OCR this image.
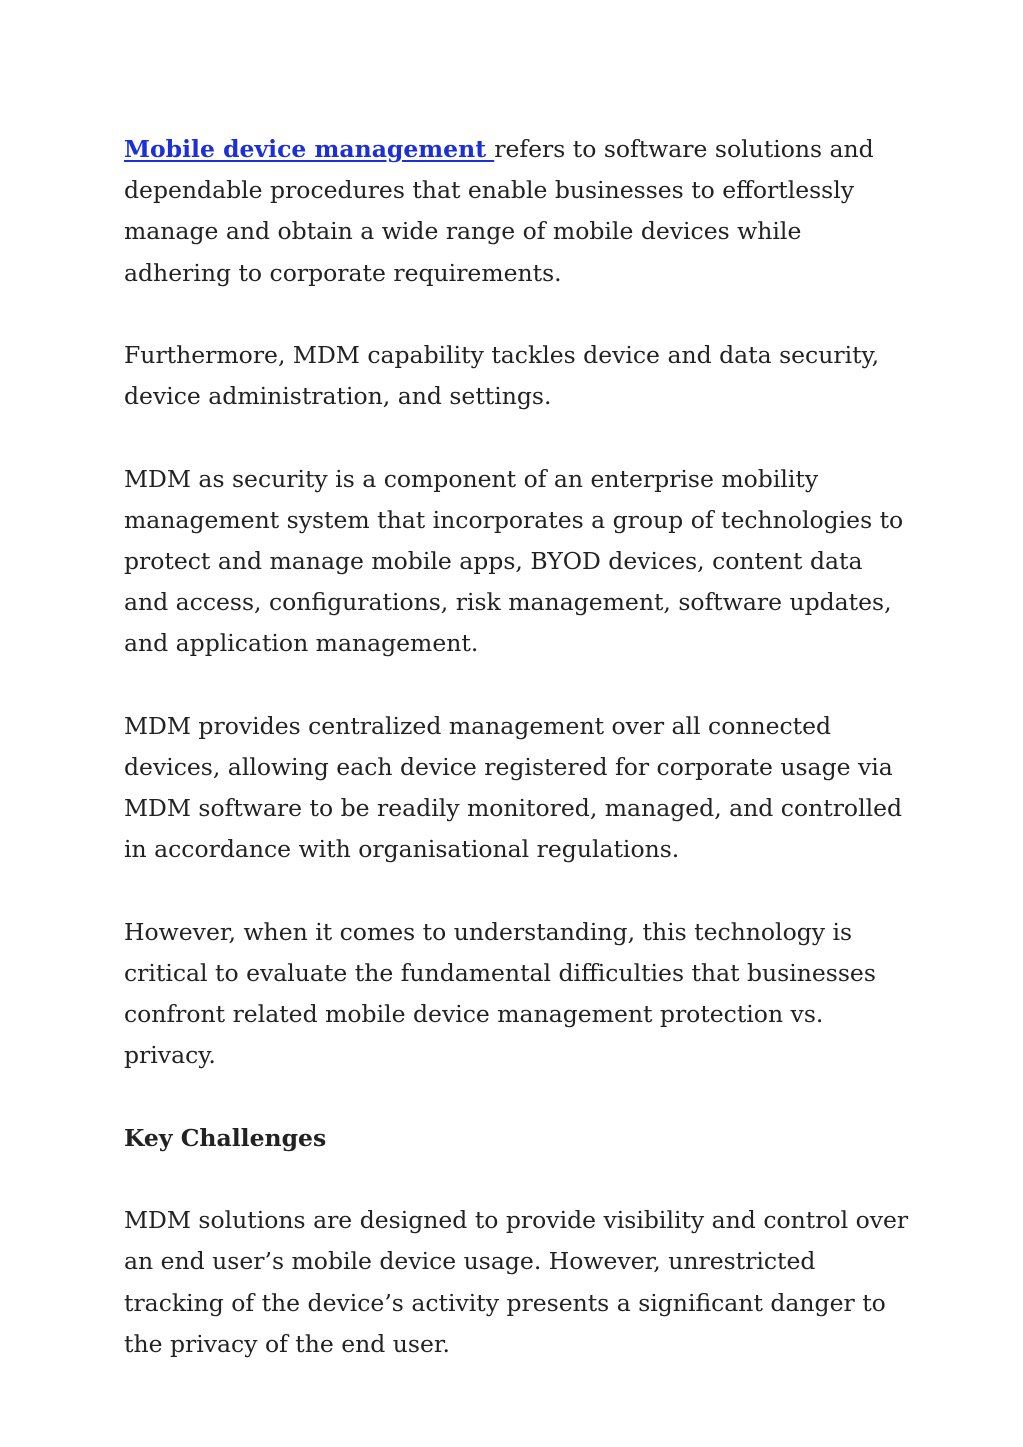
Mobile device management refers to software solutions and dependable procedures that enable businesses to effortlessly manage and obtain a wide range of mobile devices while adhering to corporate requirements.

Furthermore, MDM capability tackles device and data security, device administration, and settings.

MDM as security is a component of an enterprise mobility management system that incorporates a group of technologies to protect and manage mobile apps, BYOD devices, content data and access, configurations, risk management, software updates, and application management.

MDM provides centralized management over all connected devices, allowing each device registered for corporate usage via MDM software to be readily monitored, managed, and controlled in accordance with organisational regulations.

However, when it comes to understanding, this technology is critical to evaluate the fundamental difficulties that businesses confront related mobile device management protection vs. privacy.

Key Challenges

MDM solutions are designed to provide visibility and control over an end user’s mobile device usage. However, unrestricted tracking of the device’s activity presents a significant danger to the privacy of the end user.
